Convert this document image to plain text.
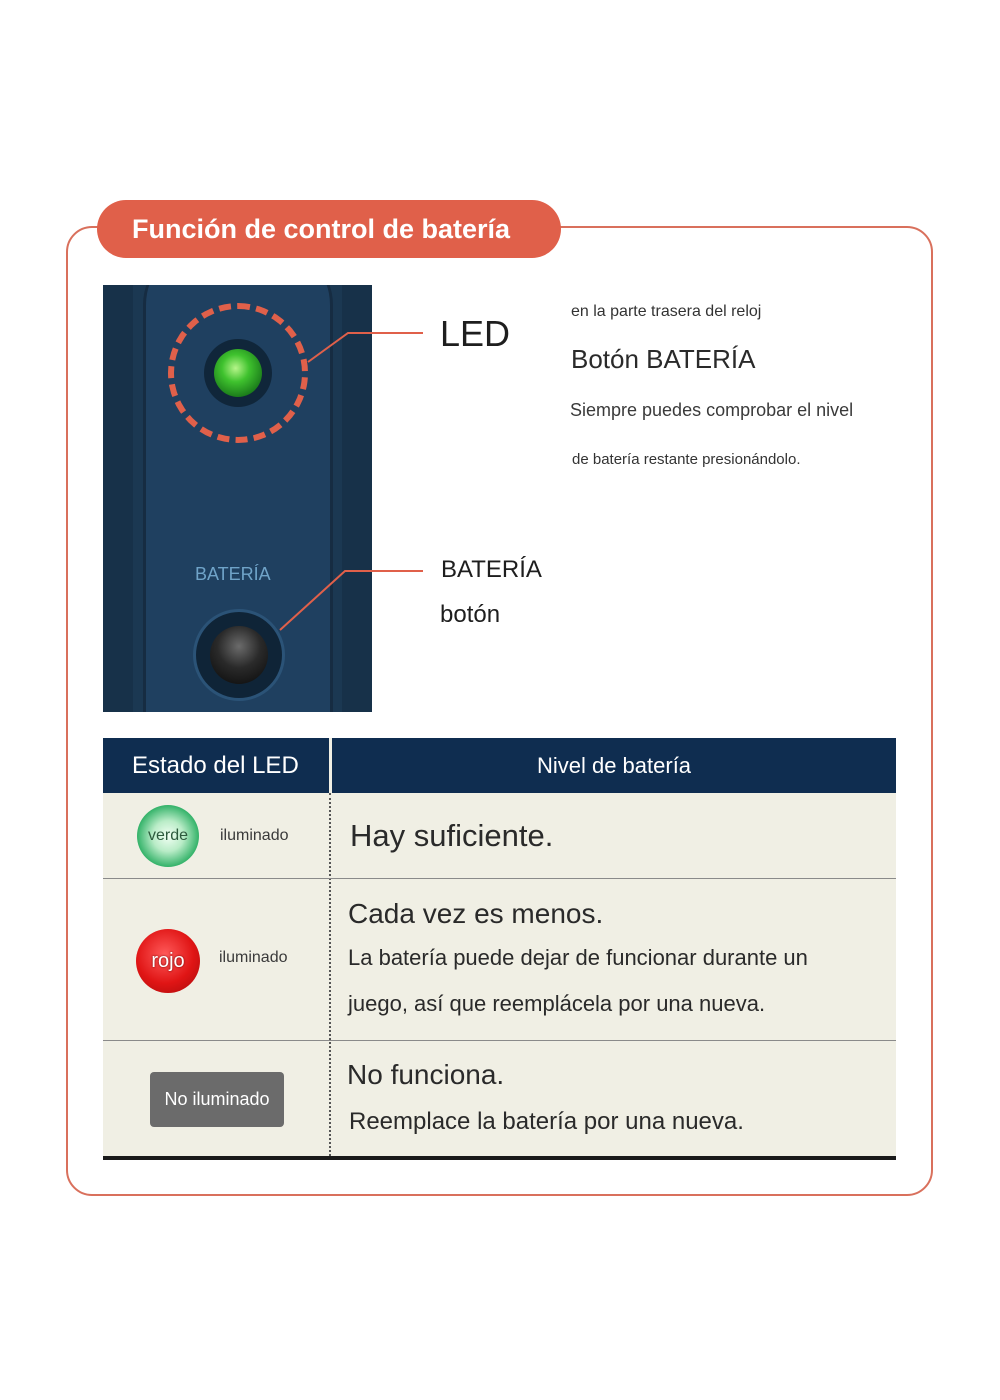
Función de control de batería
BATERÍA
LED
BATERÍA
botón
en la parte trasera del reloj
Botón BATERÍA
Siempre puedes comprobar el nivel
de batería restante presionándolo.
Estado del LED	Nivel de batería
verde iluminado Hay suficiente.
rojo iluminado
Cada vez es menos.
La batería puede dejar de funcionar durante un
juego, así que reemplácela por una nueva.
No iluminado
No funciona.
Reemplace la batería por una nueva.
